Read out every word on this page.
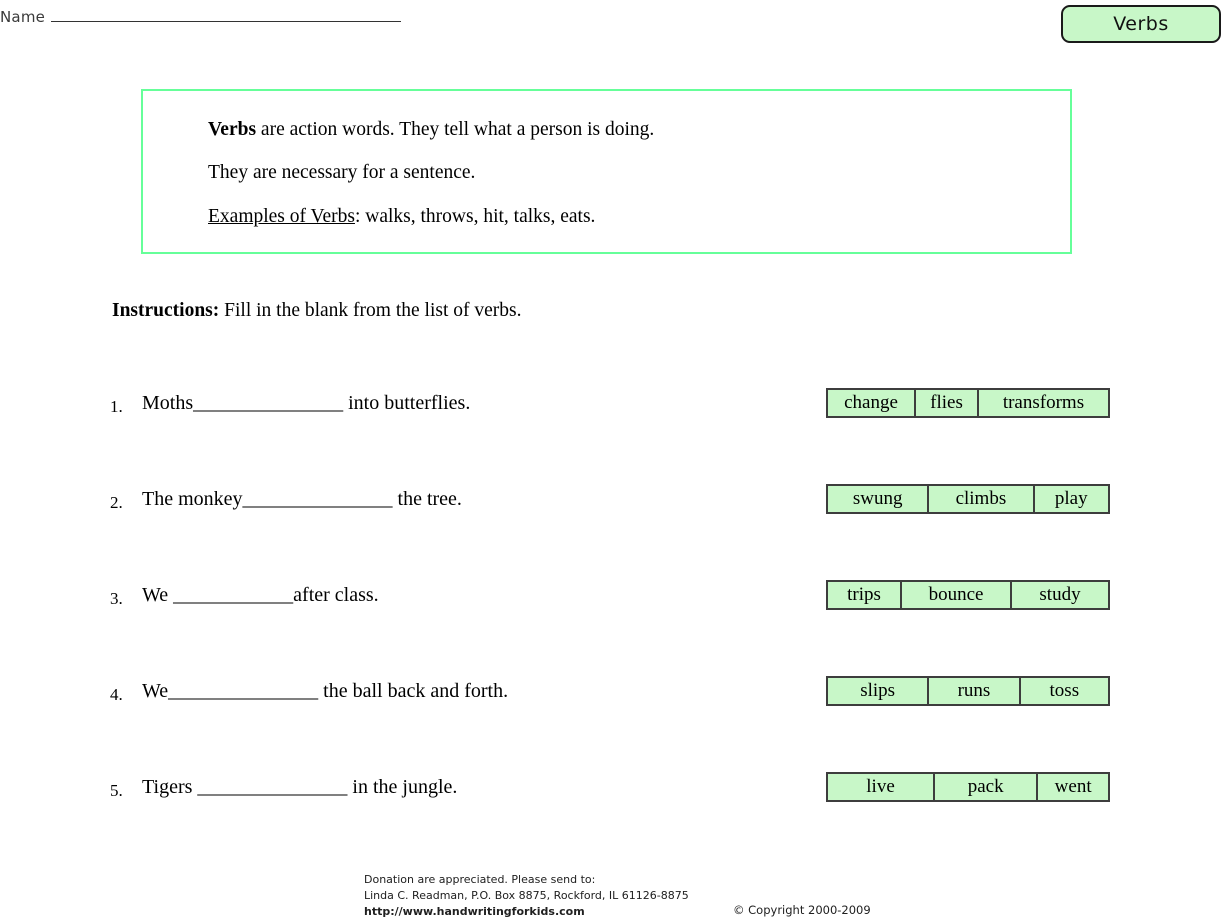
Name	Verbs
Verbs are action words. They tell what a person is doing.
They are necessary for a sentence.
Examples of Verbs: walks, throws, hit, talks, eats.
Instructions: Fill in the blank from the list of verbs.
1. Moths_______________ into butterflies.	change	flies	transforms
2. The monkey_______________ the tree.	swung	climbs	play
3. We ____________after class.	trips	bounce	study
4. We_______________ the ball back and forth.	slips	runs	toss
5. Tigers _______________ in the jungle.	live	pack	went
Donation are appreciated. Please send to:
Linda C. Readman, P.O. Box 8875, Rockford, IL 61126-8875
http://www.handwritingforkids.com	© Copyright 2000-2009
